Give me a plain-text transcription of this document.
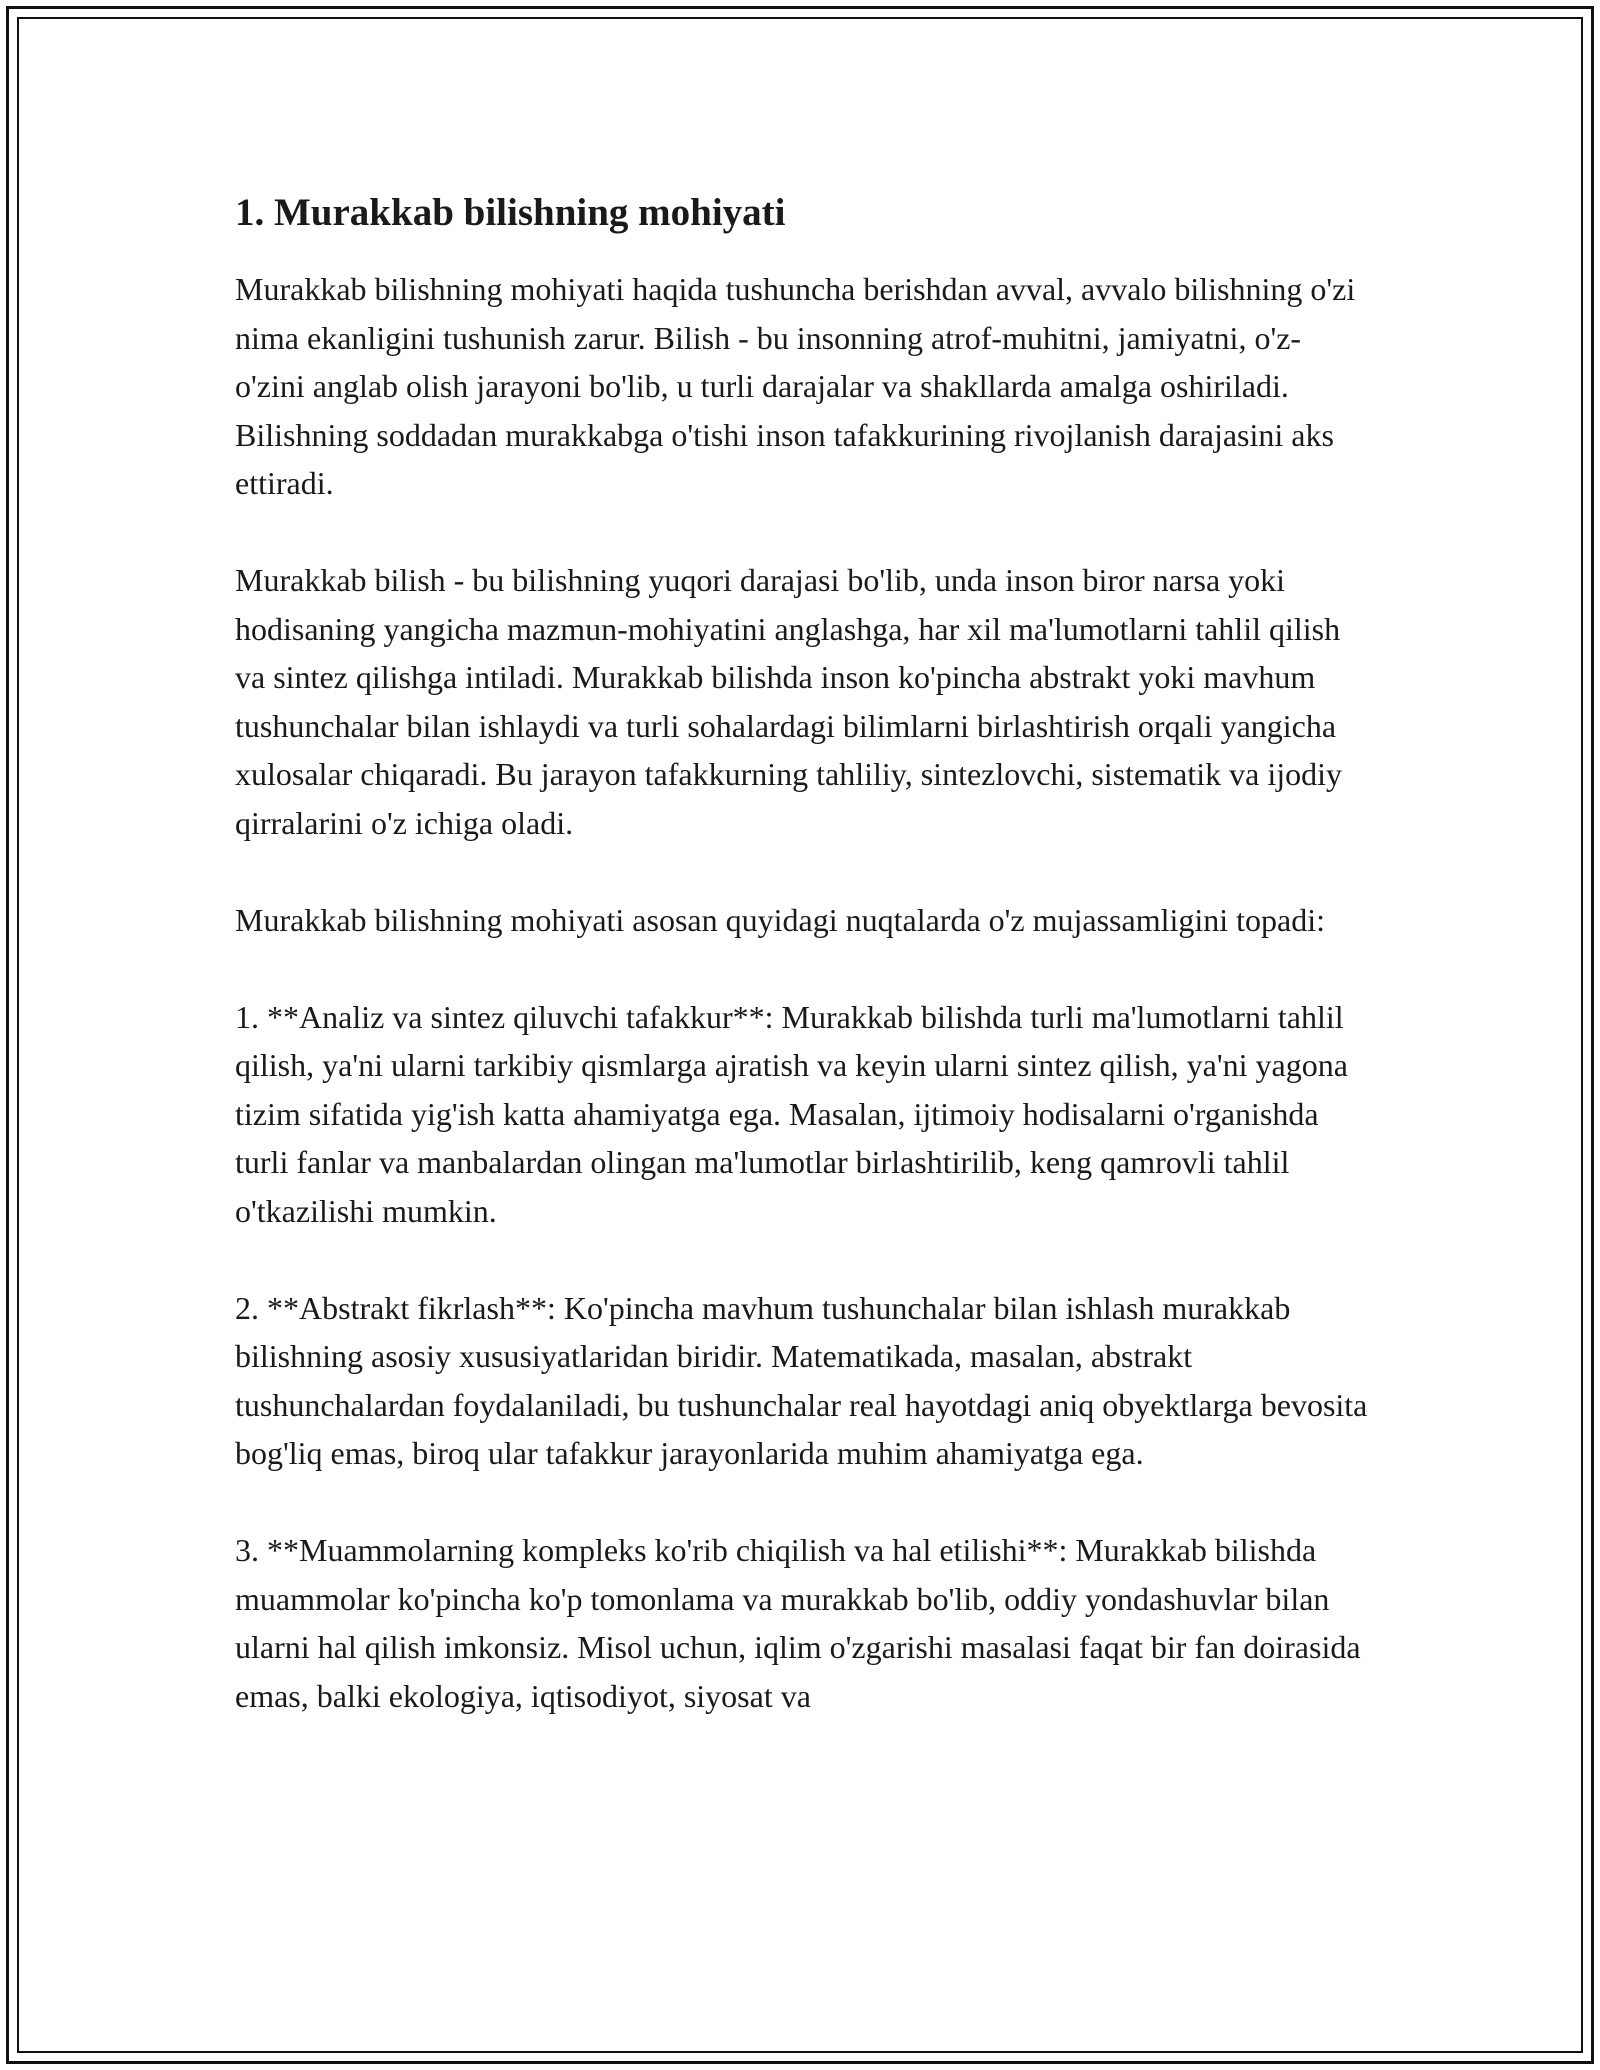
1. Murakkab bilishning mohiyati

Murakkab bilishning mohiyati haqida tushuncha berishdan avval, avvalo bilishning o'zi nima ekanligini tushunish zarur. Bilish - bu insonning atrof-muhitni, jamiyatni, o'z-o'zini anglab olish jarayoni bo'lib, u turli darajalar va shakllarda amalga oshiriladi. Bilishning soddadan murakkabga o'tishi inson tafakkurining rivojlanish darajasini aks ettiradi.

Murakkab bilish - bu bilishning yuqori darajasi bo'lib, unda inson biror narsa yoki hodisaning yangicha mazmun-mohiyatini anglashga, har xil ma'lumotlarni tahlil qilish va sintez qilishga intiladi. Murakkab bilishda inson ko'pincha abstrakt yoki mavhum tushunchalar bilan ishlaydi va turli sohalardagi bilimlarni birlashtirish orqali yangicha xulosalar chiqaradi. Bu jarayon tafakkurning tahliliy, sintezlovchi, sistematik va ijodiy qirralarini o'z ichiga oladi.

Murakkab bilishning mohiyati asosan quyidagi nuqtalarda o'z mujassamligini topadi:

1. **Analiz va sintez qiluvchi tafakkur**: Murakkab bilishda turli ma'lumotlarni tahlil qilish, ya'ni ularni tarkibiy qismlarga ajratish va keyin ularni sintez qilish, ya'ni yagona tizim sifatida yig'ish katta ahamiyatga ega. Masalan, ijtimoiy hodisalarni o'rganishda turli fanlar va manbalardan olingan ma'lumotlar birlashtirilib, keng qamrovli tahlil o'tkazilishi mumkin.

2. **Abstrakt fikrlash**: Ko'pincha mavhum tushunchalar bilan ishlash murakkab bilishning asosiy xususiyatlaridan biridir. Matematikada, masalan, abstrakt tushunchalardan foydalaniladi, bu tushunchalar real hayotdagi aniq obyektlarga bevosita bog'liq emas, biroq ular tafakkur jarayonlarida muhim ahamiyatga ega.

3. **Muammolarning kompleks ko'rib chiqilish va hal etilishi**: Murakkab bilishda muammolar ko'pincha ko'p tomonlama va murakkab bo'lib, oddiy yondashuvlar bilan ularni hal qilish imkonsiz. Misol uchun, iqlim o'zgarishi masalasi faqat bir fan doirasida emas, balki ekologiya, iqtisodiyot, siyosat va
